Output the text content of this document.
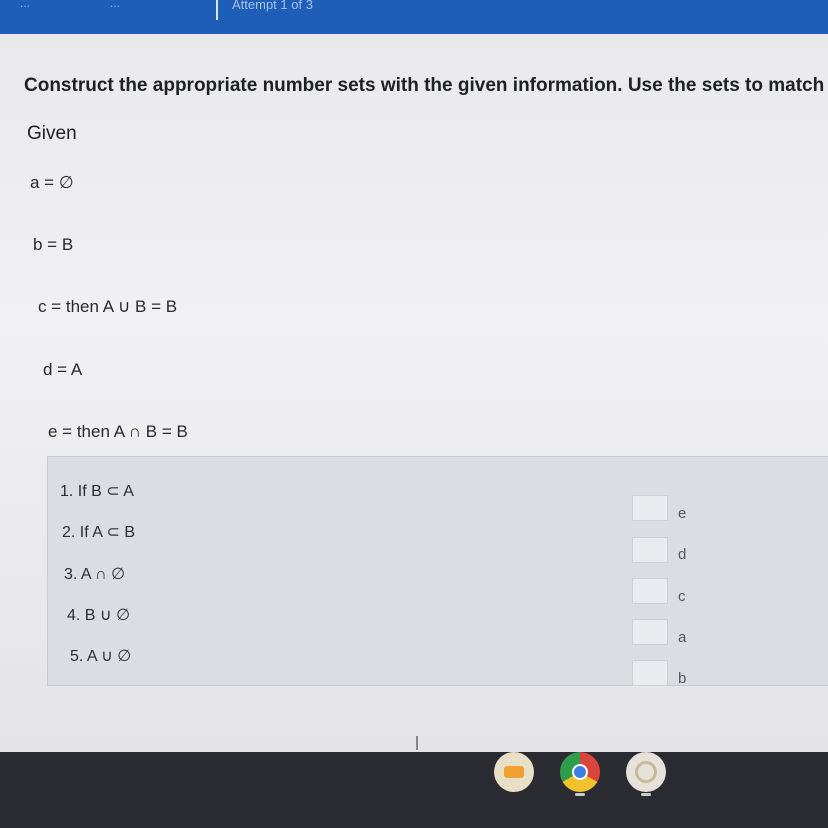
...	...	Attempt 1 of 3
Construct the appropriate number sets with the given information. Use the sets to match
Given
a = ∅
b = B
c = then A ∪ B = B
d = A
e = then A ∩ B = B
1. If B ⊂ A
2. If A ⊂ B
3. A ∩ ∅
4. B ∪ ∅
5. A ∪ ∅
e
d
c
a
b
